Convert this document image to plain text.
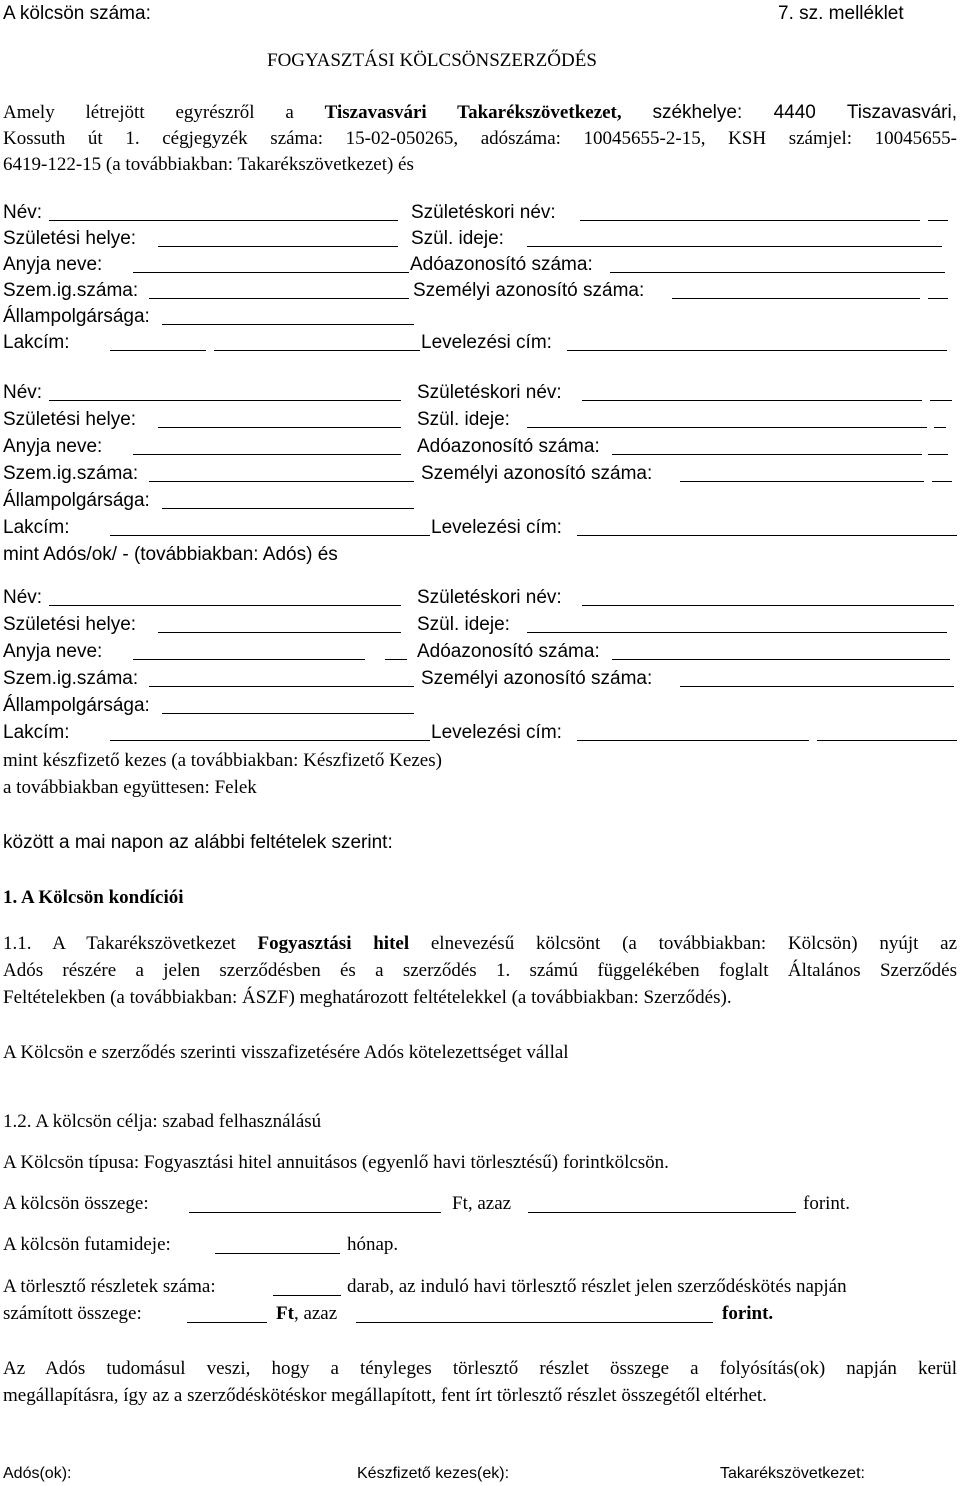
A kölcsön száma:	7. sz. melléklet
FOGYASZTÁSI KÖLCSÖNSZERZŐDÉS
Amely létrejött egyrészről a Tiszavasvári Takarékszövetkezet, székhelye: 4440 Tiszavasvári,
Kossuth út 1. cégjegyzék száma: 15-02-050265, adószáma: 10045655-2-15, KSH számjel: 10045655-
6419-122-15 (a továbbiakban: Takarékszövetkezet) és
Név:	Születéskori név:
Születési helye:	Szül. ideje:
Anyja neve:	Adóazonosító száma:
Szem.ig.száma:	Személyi azonosító száma:
Állampolgársága:
Lakcím:	Levelezési cím:
Név:	Születéskori név:
Születési helye:	Szül. ideje:
Anyja neve:	Adóazonosító száma:
Szem.ig.száma:	Személyi azonosító száma:
Állampolgársága:
Lakcím:	Levelezési cím:
mint Adós/ok/ - (továbbiakban: Adós) és
Név:	Születéskori név:
Születési helye:	Szül. ideje:
Anyja neve:	Adóazonosító száma:
Szem.ig.száma:	Személyi azonosító száma:
Állampolgársága:
Lakcím:	Levelezési cím:
mint készfizető kezes (a továbbiakban: Készfizető Kezes)
a továbbiakban együttesen: Felek
között a mai napon az alábbi feltételek szerint:
1. A Kölcsön kondíciói
1.1. A Takarékszövetkezet Fogyasztási hitel elnevezésű kölcsönt (a továbbiakban: Kölcsön) nyújt az
Adós részére a jelen szerződésben és a szerződés 1. számú függelékében foglalt Általános Szerződés
Feltételekben (a továbbiakban: ÁSZF) meghatározott feltételekkel (a továbbiakban: Szerződés).
A Kölcsön e szerződés szerinti visszafizetésére Adós kötelezettséget vállal
1.2. A kölcsön célja: szabad felhasználású
A Kölcsön típusa: Fogyasztási hitel annuitásos (egyenlő havi törlesztésű) forintkölcsön.
A kölcsön összege:	Ft, azaz	forint.
A kölcsön futamideje:	hónap.
A törlesztő részletek száma:	darab, az induló havi törlesztő részlet jelen szerződéskötés napján
számított összege:	Ft, azaz	forint.
Az Adós tudomásul veszi, hogy a tényleges törlesztő részlet összege a folyósítás(ok) napján kerül
megállapításra, így az a szerződéskötéskor megállapított, fent írt törlesztő részlet összegétől eltérhet.
Adós(ok):	Készfizető kezes(ek):	Takarékszövetkezet:
